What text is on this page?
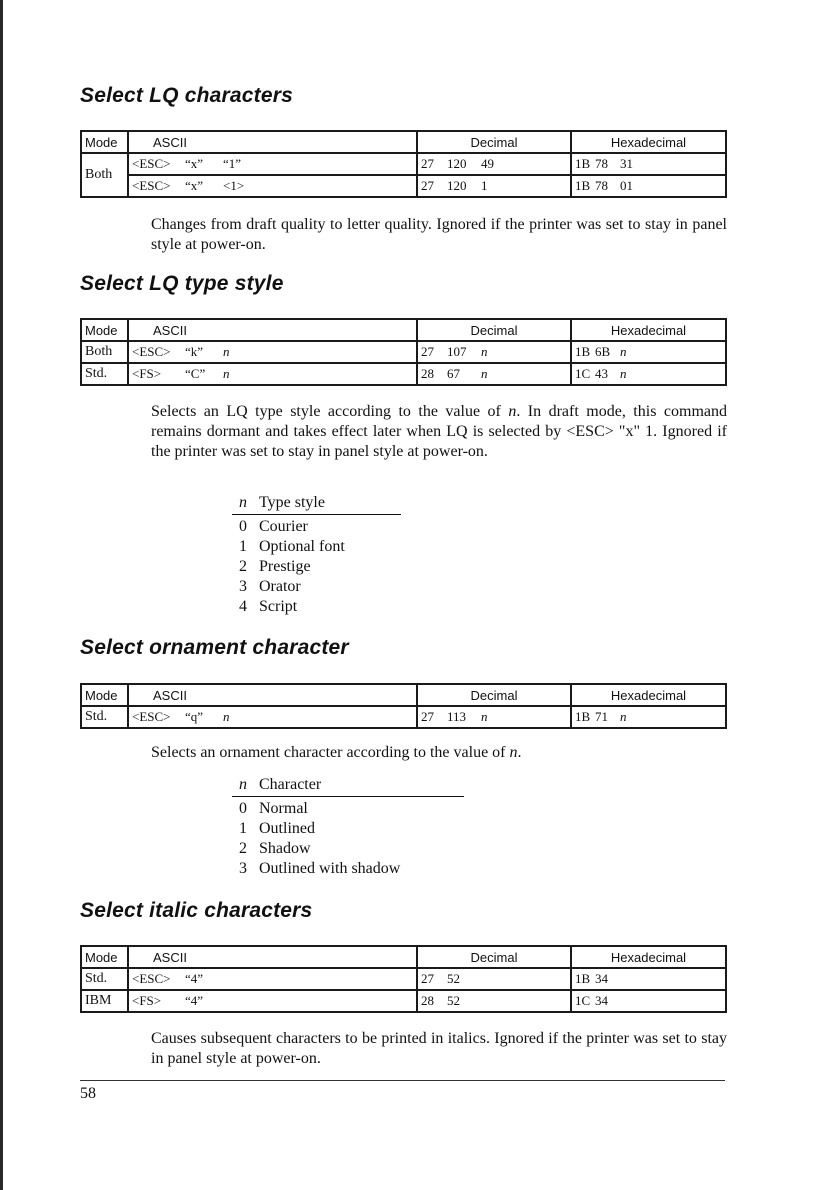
Select LQ characters
Mode	ASCII	Decimal	Hexadecimal
Both	<ESC> “x” “1”	27 120 49	1B 78 31
	<ESC> “x” <1>	27 120 1	1B 78 01

Changes from draft quality to letter quality. Ignored if the printer was set to stay in panel style at power-on.

Select LQ type style
Mode	ASCII	Decimal	Hexadecimal
Both	<ESC> “k” n	27 107 n	1B 6B n
Std.	<FS> “C” n	28 67 n	1C 43 n

Selects an LQ type style according to the value of n. In draft mode, this command remains dormant and takes effect later when LQ is selected by <ESC> "x" 1. Ignored if the printer was set to stay in panel style at power-on.

n Type style
0 Courier
1 Optional font
2 Prestige
3 Orator
4 Script
Select ornament character
Mode	ASCII	Decimal	Hexadecimal
Std.	<ESC> “q” n	27 113 n	1B 71 n

Selects an ornament character according to the value of n.

n Character
0 Normal
1 Outlined
2 Shadow
3 Outlined with shadow
Select italic characters
Mode	ASCII	Decimal	Hexadecimal
Std.	<ESC> “4”	27 52	1B 34
IBM	<FS> “4”	28 52	1C 34

Causes subsequent characters to be printed in italics. Ignored if the printer was set to stay in panel style at power-on.

58
